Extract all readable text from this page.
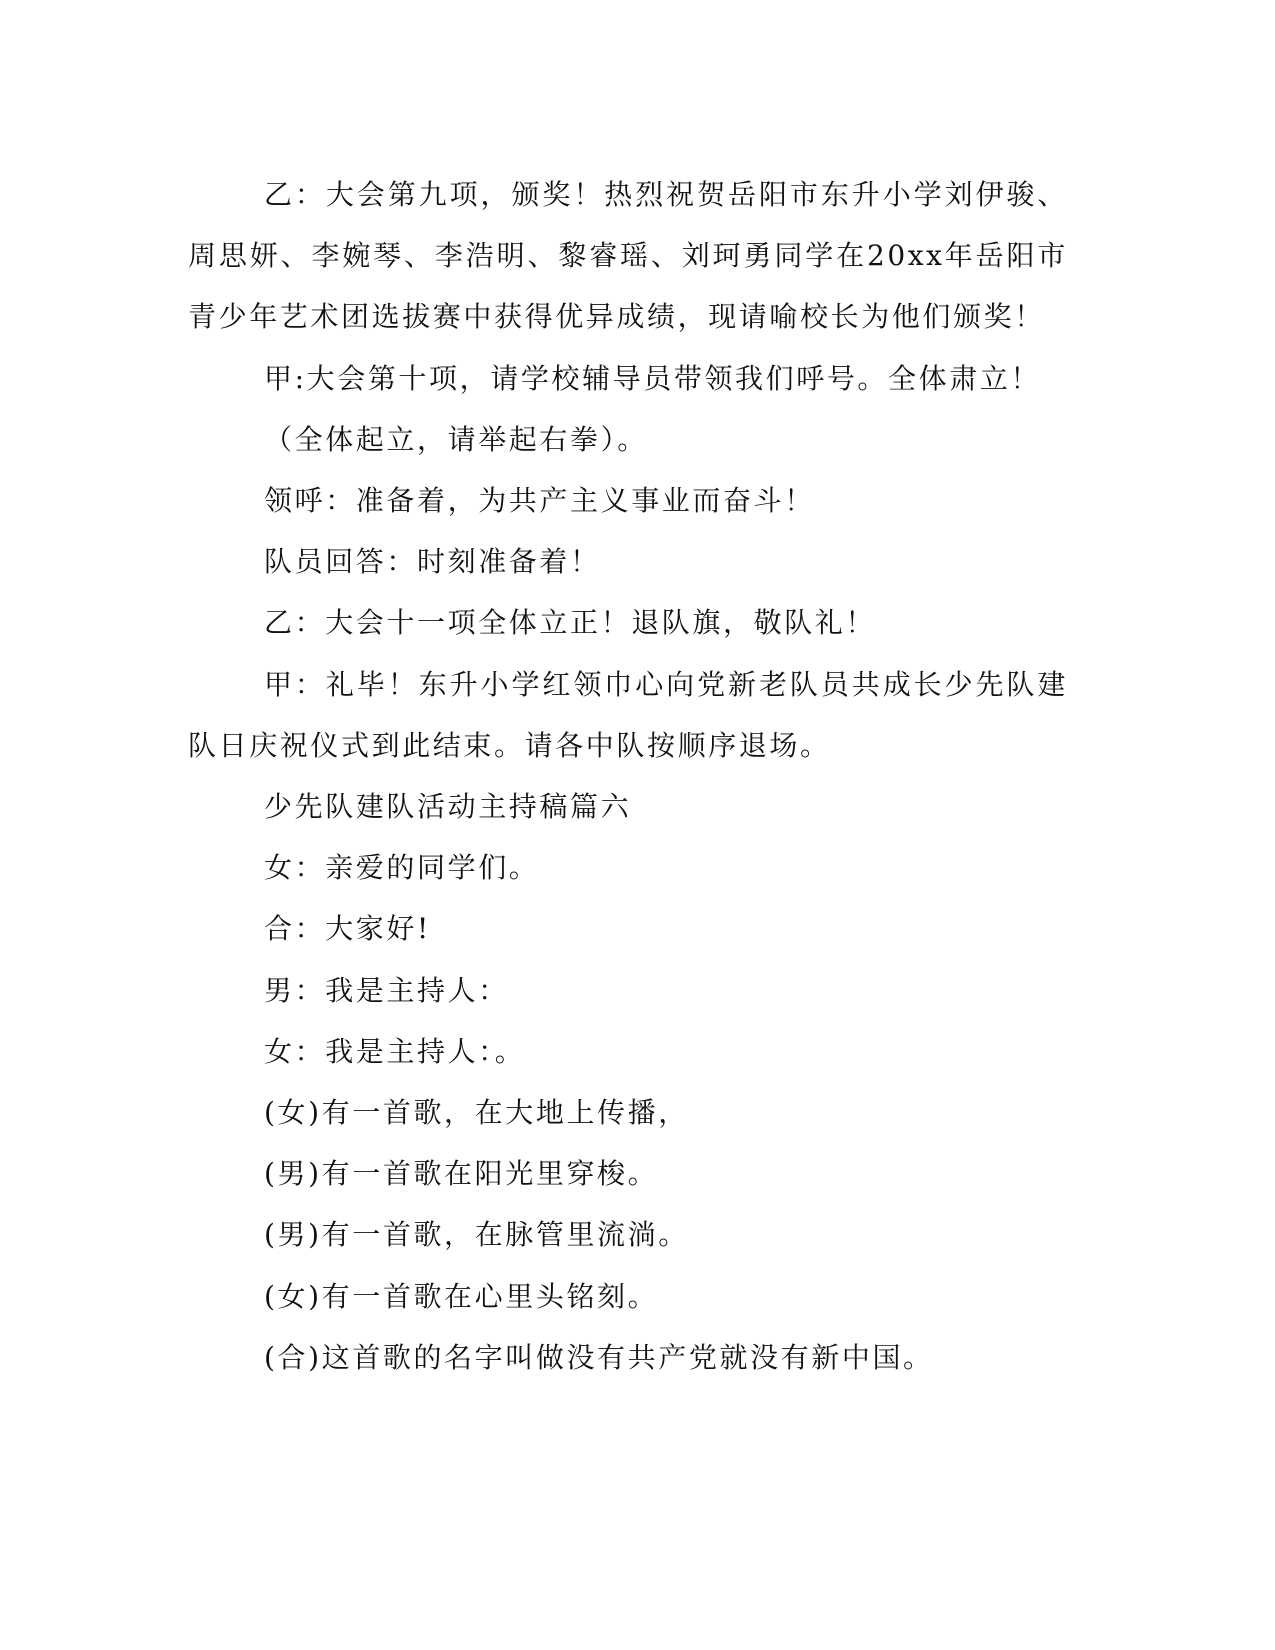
乙：大会第九项，颁奖！热烈祝贺岳阳市东升小学刘伊骏、周思妍、李婉琴、李浩明、黎睿瑶、刘珂勇同学在20xx年岳阳市青少年艺术团选拔赛中获得优异成绩，现请喻校长为他们颁奖！

甲:大会第十项，请学校辅导员带领我们呼号。全体肃立！

（全体起立，请举起右拳）。

领呼：准备着，为共产主义事业而奋斗！

队员回答：时刻准备着！

乙：大会十一项全体立正！退队旗，敬队礼！

甲：礼毕！东升小学红领巾心向党新老队员共成长少先队建队日庆祝仪式到此结束。请各中队按顺序退场。

少先队建队活动主持稿篇六

女：亲爱的同学们。

合：大家好!

男：我是主持人：

女：我是主持人：。

(女)有一首歌，在大地上传播，

(男)有一首歌在阳光里穿梭。

(男)有一首歌，在脉管里流淌。

(女)有一首歌在心里头铭刻。

(合)这首歌的名字叫做没有共产党就没有新中国。
